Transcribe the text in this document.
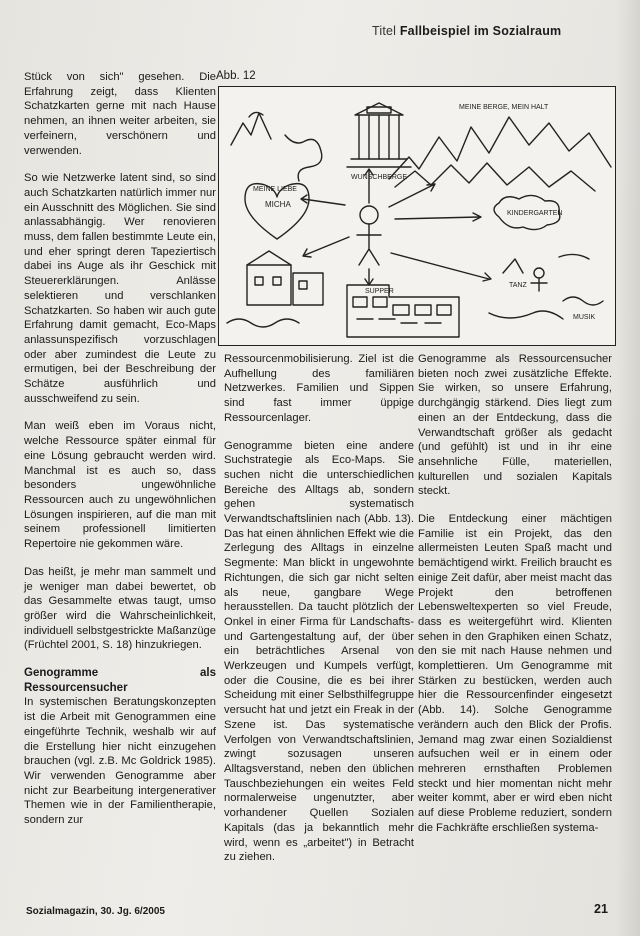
Titel Fallbeispiel im Sozialraum

Stück von sich" gesehen. Die Erfahrung zeigt, dass Klienten Schatzkarten gerne mit nach Hause nehmen, an ihnen weiter arbeiten, sie verfeinern, verschönern und verwenden.

So wie Netzwerke latent sind, so sind auch Schatzkarten natürlich immer nur ein Ausschnitt des Möglichen. Sie sind anlassabhängig. Wer renovieren muss, dem fallen bestimmte Leute ein, und eher springt deren Tapeziertisch dabei ins Auge als ihr Geschick mit Steuererklärungen. Anlässe selektieren und verschlanken Schatzkarten. So haben wir auch gute Erfahrung damit gemacht, Eco-Maps anlassunspezifisch vorzuschlagen oder aber zumindest die Leute zu ermutigen, bei der Beschreibung der Schätze ausführlich und ausschweifend zu sein.

Man weiß eben im Voraus nicht, welche Ressource später einmal für eine Lösung gebraucht werden wird. Manchmal ist es auch so, dass besonders ungewöhnliche Ressourcen auch zu ungewöhnlichen Lösungen inspirieren, auf die man mit seinem professionell limitierten Repertoire nie gekommen wäre.

Das heißt, je mehr man sammelt und je weniger man dabei bewertet, ob das Gesammelte etwas taugt, umso größer wird die Wahrscheinlichkeit, individuell selbstgestrickte Maßanzüge (Früchtel 2001, S. 18) hinzukriegen.

Genogramme als Ressourcensucher

In systemischen Beratungskonzepten ist die Arbeit mit Genogrammen eine eingeführte Technik, weshalb wir auf die Erstellung hier nicht einzugehen brauchen (vgl. z.B. Mc Goldrick 1985). Wir verwenden Genogramme aber nicht zur Bearbeitung intergenerativer Themen wie in der Familientherapie, sondern zur

Abb. 12
MEINE BERGE, MEIN HALT
MEINE LIEBE
MICHA
WUNSCHBERGE
KINDERGARTEN
TANZ
SUPPER
MUSIK

Ressourcenmobilisierung. Ziel ist die Aufhellung des familiären Netzwerkes. Familien und Sippen sind fast immer üppige Ressourcenlager.

Genogramme bieten eine andere Suchstrategie als Eco-Maps. Sie suchen nicht die unterschiedlichen Bereiche des Alltags ab, sondern gehen systematisch Verwandtschaftslinien nach (Abb. 13). Das hat einen ähnlichen Effekt wie die Zerlegung des Alltags in einzelne Segmente: Man blickt in ungewohnte Richtungen, die sich gar nicht selten als neue, gangbare Wege herausstellen. Da taucht plötzlich der Onkel in einer Firma für Landschafts- und Gartengestaltung auf, der über ein beträchtliches Arsenal von Werkzeugen und Kumpels verfügt, oder die Cousine, die es bei ihrer Scheidung mit einer Selbsthilfegruppe versucht hat und jetzt ein Freak in der Szene ist. Das systematische Verfolgen von Verwandtschaftslinien, zwingt sozusagen unseren Alltagsverstand, neben den üblichen Tauschbeziehungen ein weites Feld normalerweise ungenutzter, aber vorhandener Quellen Sozialen Kapitals (das ja bekanntlich mehr wird, wenn es „arbeitet") in Betracht zu ziehen.

Genogramme als Ressourcensucher bieten noch zwei zusätzliche Effekte. Sie wirken, so unsere Erfahrung, durchgängig stärkend. Dies liegt zum einen an der Entdeckung, dass die Verwandtschaft größer als gedacht (und gefühlt) ist und in ihr eine ansehnliche Fülle, materiellen, kulturellen und sozialen Kapitals steckt.

Die Entdeckung einer mächtigen Familie ist ein Projekt, das den allermeisten Leuten Spaß macht und bemächtigend wirkt. Freilich braucht es einige Zeit dafür, aber meist macht das Projekt den betroffenen Lebensweltexperten so viel Freude, dass es weitergeführt wird. Klienten sehen in den Graphiken einen Schatz, den sie mit nach Hause nehmen und komplettieren. Um Genogramme mit Stärken zu bestücken, werden auch hier die Ressourcenfinder eingesetzt (Abb. 14). Solche Genogramme verändern auch den Blick der Profis. Jemand mag zwar einen Sozialdienst aufsuchen weil er in einem oder mehreren ernsthaften Problemen steckt und hier momentan nicht mehr weiter kommt, aber er wird eben nicht auf diese Probleme reduziert, sondern die Fachkräfte erschließen systema-

Sozialmagazin, 30. Jg. 6/2005	21
